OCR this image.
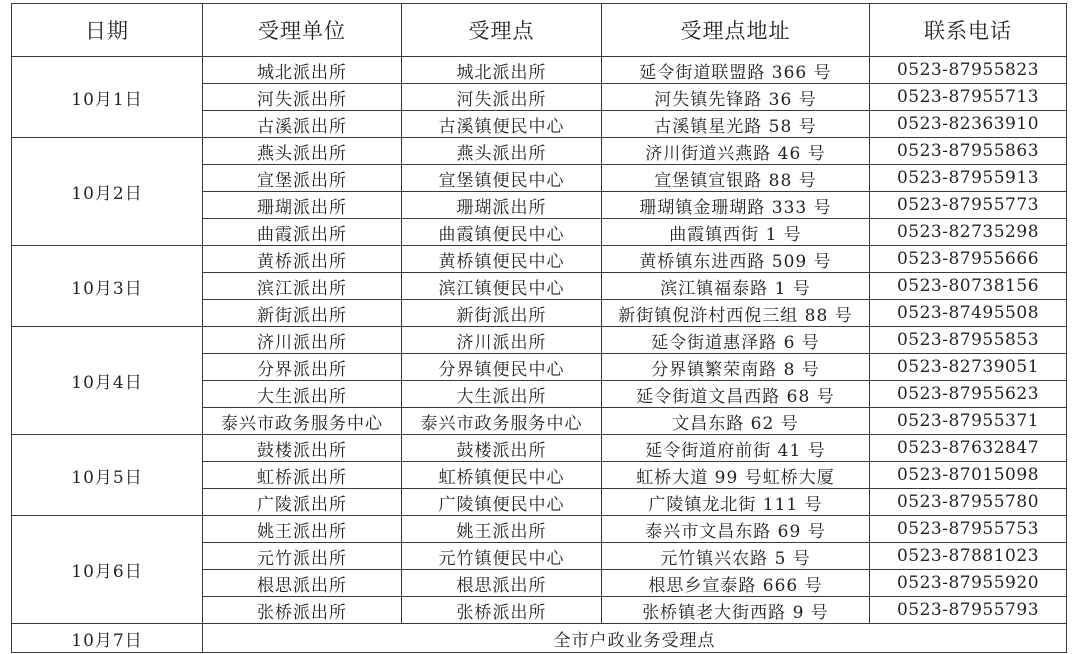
日期	受理单位	受理点	受理点地址	联系电话
10月1日	城北派出所	城北派出所	延令街道联盟路 366 号	0523-87955823
	河失派出所	河失派出所	河失镇先锋路 36 号	0523-87955713
	古溪派出所	古溪镇便民中心	古溪镇星光路 58 号	0523-82363910
10月2日	燕头派出所	燕头派出所	济川街道兴燕路 46 号	0523-87955863
	宣堡派出所	宣堡镇便民中心	宣堡镇宣银路 88 号	0523-87955913
	珊瑚派出所	珊瑚派出所	珊瑚镇金珊瑚路 333 号	0523-87955773
	曲霞派出所	曲霞镇便民中心	曲霞镇西街 1 号	0523-82735298
10月3日	黄桥派出所	黄桥镇便民中心	黄桥镇东进西路 509 号	0523-87955666
	滨江派出所	滨江镇便民中心	滨江镇福泰路 1 号	0523-80738156
	新街派出所	新街派出所	新街镇倪浒村西倪三组 88 号	0523-87495508
10月4日	济川派出所	济川派出所	延令街道惠泽路 6 号	0523-87955853
	分界派出所	分界镇便民中心	分界镇繁荣南路 8 号	0523-82739051
	大生派出所	大生派出所	延令街道文昌西路 68 号	0523-87955623
	泰兴市政务服务中心	泰兴市政务服务中心	文昌东路 62 号	0523-87955371
10月5日	鼓楼派出所	鼓楼派出所	延令街道府前街 41 号	0523-87632847
	虹桥派出所	虹桥镇便民中心	虹桥大道 99 号虹桥大厦	0523-87015098
	广陵派出所	广陵镇便民中心	广陵镇龙北街 111 号	0523-87955780
10月6日	姚王派出所	姚王派出所	泰兴市文昌东路 69 号	0523-87955753
	元竹派出所	元竹镇便民中心	元竹镇兴农路 5 号	0523-87881023
	根思派出所	根思派出所	根思乡宣泰路 666 号	0523-87955920
	张桥派出所	张桥派出所	张桥镇老大街西路 9 号	0523-87955793
10月7日	全市户政业务受理点			
